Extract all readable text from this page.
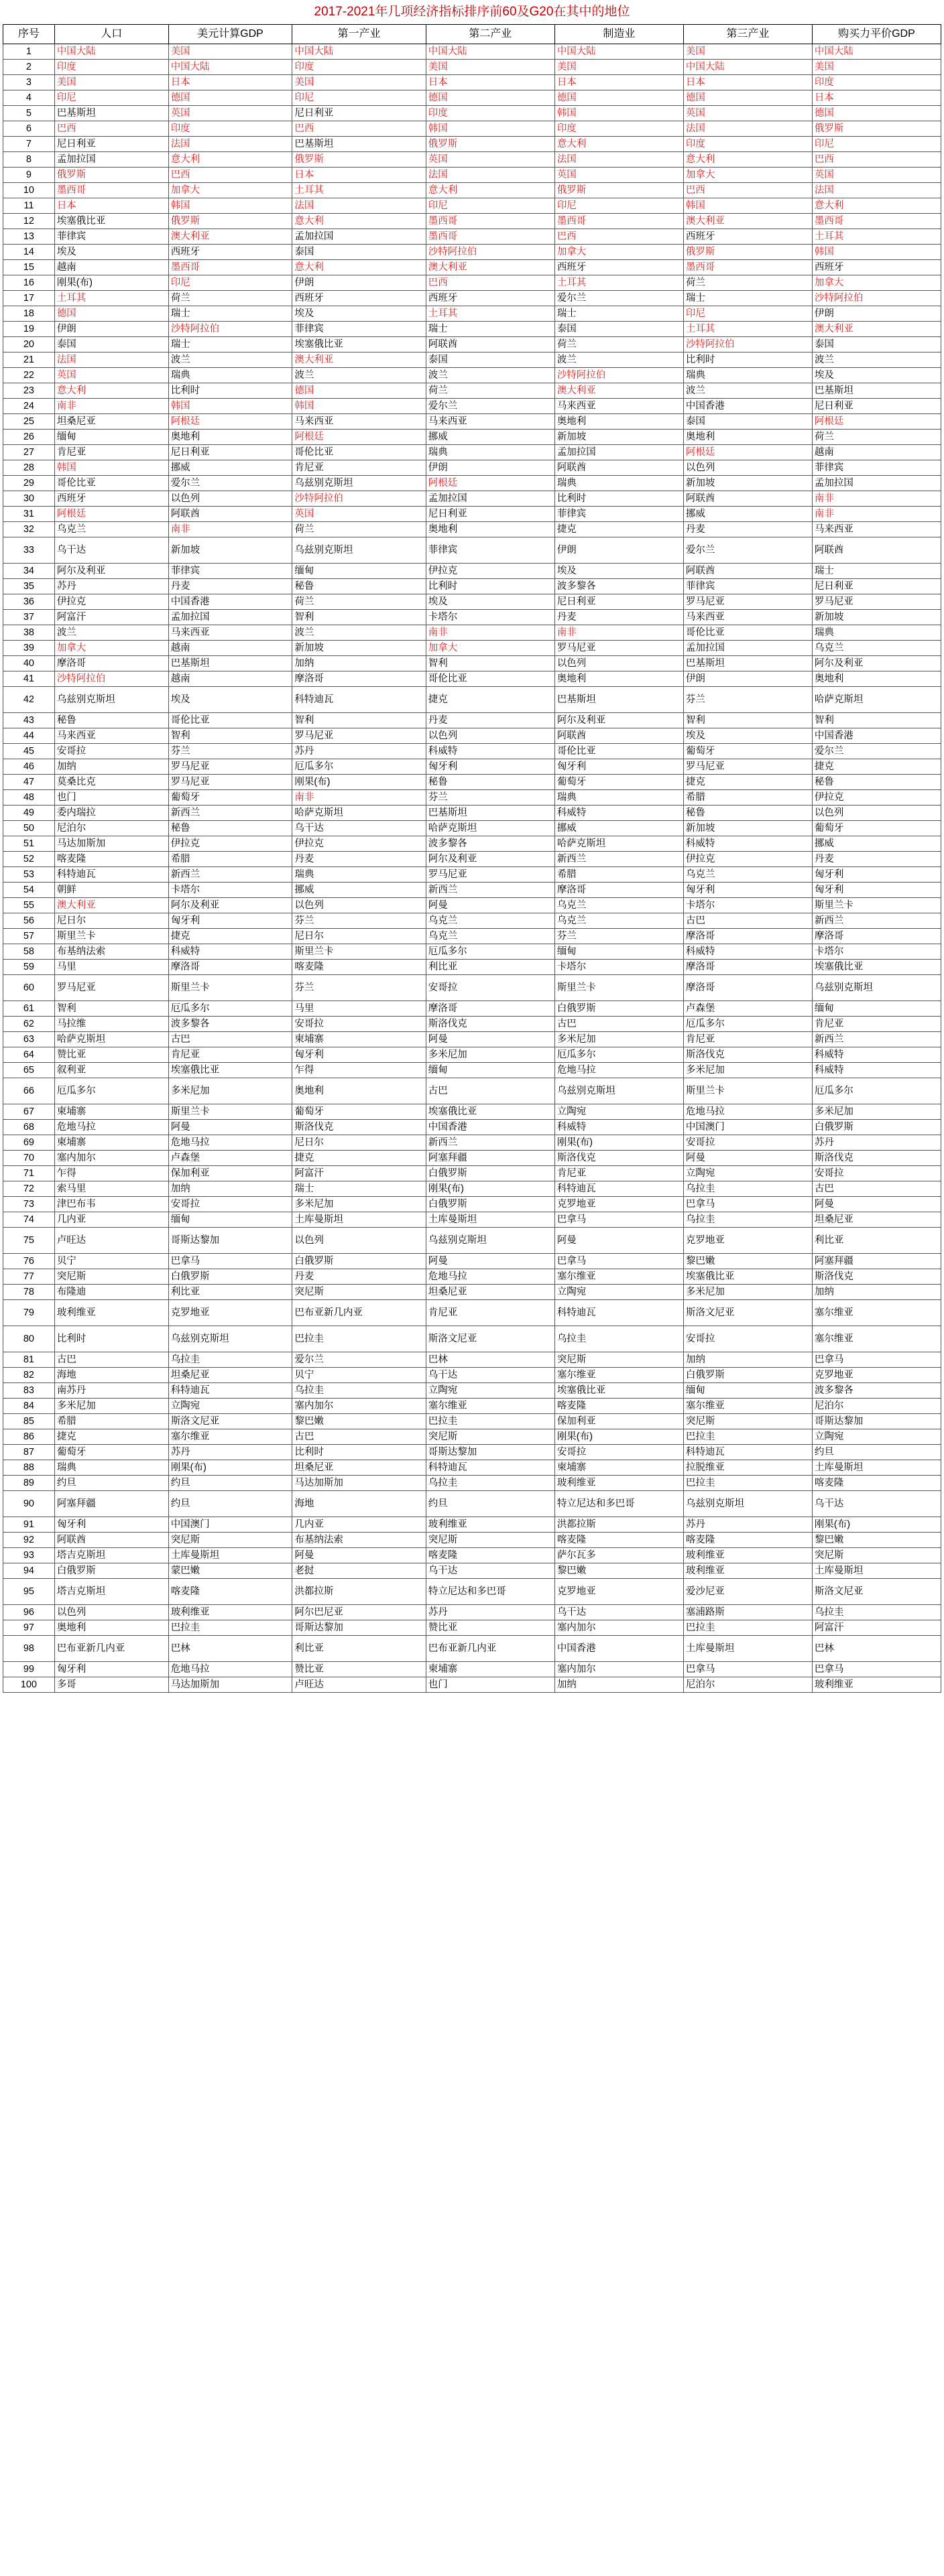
2017-2021年几项经济指标排序前60及G20在其中的地位
序号	人口	美元计算GDP	第一产业	第二产业	制造业	第三产业	购买力平价GDP
1	中国大陆	美国	中国大陆	中国大陆	中国大陆	美国	中国大陆
2	印度	中国大陆	印度	美国	美国	中国大陆	美国
3	美国	日本	美国	日本	日本	日本	印度
4	印尼	德国	印尼	德国	德国	德国	日本
5	巴基斯坦	英国	尼日利亚	印度	韩国	英国	德国
6	巴西	印度	巴西	韩国	印度	法国	俄罗斯
7	尼日利亚	法国	巴基斯坦	俄罗斯	意大利	印度	印尼
8	孟加拉国	意大利	俄罗斯	英国	法国	意大利	巴西
9	俄罗斯	巴西	日本	法国	英国	加拿大	英国
10	墨西哥	加拿大	土耳其	意大利	俄罗斯	巴西	法国
11	日本	韩国	法国	印尼	印尼	韩国	意大利
12	埃塞俄比亚	俄罗斯	意大利	墨西哥	墨西哥	澳大利亚	墨西哥
13	菲律宾	澳大利亚	孟加拉国	墨西哥	巴西	西班牙	土耳其
14	埃及	西班牙	泰国	沙特阿拉伯	加拿大	俄罗斯	韩国
15	越南	墨西哥	意大利	澳大利亚	西班牙	墨西哥	西班牙
16	刚果(布)	印尼	伊朗	巴西	土耳其	荷兰	加拿大
17	土耳其	荷兰	西班牙	西班牙	爱尔兰	瑞士	沙特阿拉伯
18	德国	瑞士	埃及	土耳其	瑞士	印尼	伊朗
19	伊朗	沙特阿拉伯	菲律宾	瑞士	泰国	土耳其	澳大利亚
20	泰国	瑞士	埃塞俄比亚	阿联酋	荷兰	沙特阿拉伯	泰国
21	法国	波兰	澳大利亚	泰国	波兰	比利时	波兰
22	英国	瑞典	波兰	波兰	沙特阿拉伯	瑞典	埃及
23	意大利	比利时	德国	荷兰	澳大利亚	波兰	巴基斯坦
24	南非	韩国	韩国	爱尔兰	马来西亚	中国香港	尼日利亚
25	坦桑尼亚	阿根廷	马来西亚	马来西亚	奥地利	泰国	阿根廷
26	缅甸	奥地利	阿根廷	挪威	新加坡	奥地利	荷兰
27	肯尼亚	尼日利亚	哥伦比亚	瑞典	孟加拉国	阿根廷	越南
28	韩国	挪威	肯尼亚	伊朗	阿联酋	以色列	菲律宾
29	哥伦比亚	爱尔兰	乌兹别克斯坦	阿根廷	瑞典	新加坡	孟加拉国
30	西班牙	以色列	沙特阿拉伯	孟加拉国	比利时	阿联酋	南非
31	阿根廷	阿联酋	英国	尼日利亚	菲律宾	挪威	南非
32	乌克兰	南非	荷兰	奥地利	捷克	丹麦	马来西亚
33	乌干达	新加坡	乌兹别克斯坦	菲律宾	伊朗	爱尔兰	阿联酋
34	阿尔及利亚	菲律宾	缅甸	伊拉克	埃及	阿联酋	瑞士
35	苏丹	丹麦	秘鲁	比利时	波多黎各	菲律宾	尼日利亚
36	伊拉克	中国香港	荷兰	埃及	尼日利亚	罗马尼亚	罗马尼亚
37	阿富汗	孟加拉国	智利	卡塔尔	丹麦	马来西亚	新加坡
38	波兰	马来西亚	波兰	南非	南非	哥伦比亚	瑞典
39	加拿大	越南	新加坡	加拿大	罗马尼亚	孟加拉国	乌克兰
40	摩洛哥	巴基斯坦	加纳	智利	以色列	巴基斯坦	阿尔及利亚
41	沙特阿拉伯	越南	摩洛哥	哥伦比亚	奥地利	伊朗	奥地利
42	乌兹别克斯坦	埃及	科特迪瓦	捷克	巴基斯坦	芬兰	哈萨克斯坦
43	秘鲁	哥伦比亚	智利	丹麦	阿尔及利亚	智利	智利
44	马来西亚	智利	罗马尼亚	以色列	阿联酋	埃及	中国香港
45	安哥拉	芬兰	苏丹	科威特	哥伦比亚	葡萄牙	爱尔兰
46	加纳	罗马尼亚	厄瓜多尔	匈牙利	匈牙利	罗马尼亚	捷克
47	莫桑比克	罗马尼亚	刚果(布)	秘鲁	葡萄牙	捷克	秘鲁
48	也门	葡萄牙	南非	芬兰	瑞典	希腊	伊拉克
49	委内瑞拉	新西兰	哈萨克斯坦	巴基斯坦	科威特	秘鲁	以色列
50	尼泊尔	秘鲁	乌干达	哈萨克斯坦	挪威	新加坡	葡萄牙
51	马达加斯加	伊拉克	伊拉克	波多黎各	哈萨克斯坦	科威特	挪威
52	喀麦隆	希腊	丹麦	阿尔及利亚	新西兰	伊拉克	丹麦
53	科特迪瓦	新西兰	瑞典	罗马尼亚	希腊	乌克兰	匈牙利
54	朝鲜	卡塔尔	挪威	新西兰	摩洛哥	匈牙利	匈牙利
55	澳大利亚	阿尔及利亚	以色列	阿曼	乌克兰	卡塔尔	斯里兰卡
56	尼日尔	匈牙利	芬兰	乌克兰	乌克兰	古巴	新西兰
57	斯里兰卡	捷克	尼日尔	乌克兰	芬兰	摩洛哥	摩洛哥
58	布基纳法索	科威特	斯里兰卡	厄瓜多尔	缅甸	科威特	卡塔尔
59	马里	摩洛哥	喀麦隆	利比亚	卡塔尔	摩洛哥	埃塞俄比亚
60	罗马尼亚	斯里兰卡	芬兰	安哥拉	斯里兰卡	摩洛哥	乌兹别克斯坦
61	智利	厄瓜多尔	马里	摩洛哥	白俄罗斯	卢森堡	缅甸
62	马拉维	波多黎各	安哥拉	斯洛伐克	古巴	厄瓜多尔	肯尼亚
63	哈萨克斯坦	古巴	柬埔寨	阿曼	多米尼加	肯尼亚	新西兰
64	赞比亚	肯尼亚	匈牙利	多米尼加	厄瓜多尔	斯洛伐克	科威特
65	叙利亚	埃塞俄比亚	乍得	缅甸	危地马拉	多米尼加	科威特
66	厄瓜多尔	多米尼加	奥地利	古巴	乌兹别克斯坦	斯里兰卡	厄瓜多尔
67	柬埔寨	斯里兰卡	葡萄牙	埃塞俄比亚	立陶宛	危地马拉	多米尼加
68	危地马拉	阿曼	斯洛伐克	中国香港	科威特	中国澳门	白俄罗斯
69	柬埔寨	危地马拉	尼日尔	新西兰	刚果(布)	安哥拉	苏丹
70	塞内加尔	卢森堡	捷克	阿塞拜疆	斯洛伐克	阿曼	斯洛伐克
71	乍得	保加利亚	阿富汗	白俄罗斯	肯尼亚	立陶宛	安哥拉
72	索马里	加纳	瑞士	刚果(布)	科特迪瓦	乌拉圭	古巴
73	津巴布韦	安哥拉	多米尼加	白俄罗斯	克罗地亚	巴拿马	阿曼
74	几内亚	缅甸	土库曼斯坦	土库曼斯坦	巴拿马	乌拉圭	坦桑尼亚
75	卢旺达	哥斯达黎加	以色列	乌兹别克斯坦	阿曼	克罗地亚	利比亚
76	贝宁	巴拿马	白俄罗斯	阿曼	巴拿马	黎巴嫩	阿塞拜疆
77	突尼斯	白俄罗斯	丹麦	危地马拉	塞尔维亚	埃塞俄比亚	斯洛伐克
78	布隆迪	利比亚	突尼斯	坦桑尼亚	立陶宛	多米尼加	加纳
79	玻利维亚	克罗地亚	巴布亚新几内亚	肯尼亚	科特迪瓦	斯洛文尼亚	塞尔维亚
80	比利时	乌兹别克斯坦	巴拉圭	斯洛文尼亚	乌拉圭	安哥拉	塞尔维亚
81	古巴	乌拉圭	爱尔兰	巴林	突尼斯	加纳	巴拿马
82	海地	坦桑尼亚	贝宁	乌干达	塞尔维亚	白俄罗斯	克罗地亚
83	南苏丹	科特迪瓦	乌拉圭	立陶宛	埃塞俄比亚	缅甸	波多黎各
84	多米尼加	立陶宛	塞内加尔	塞尔维亚	喀麦隆	塞尔维亚	尼泊尔
85	希腊	斯洛文尼亚	黎巴嫩	巴拉圭	保加利亚	突尼斯	哥斯达黎加
86	捷克	塞尔维亚	古巴	突尼斯	刚果(布)	巴拉圭	立陶宛
87	葡萄牙	苏丹	比利时	哥斯达黎加	安哥拉	科特迪瓦	约旦
88	瑞典	刚果(布)	坦桑尼亚	科特迪瓦	柬埔寨	拉脱维亚	土库曼斯坦
89	约旦	约旦	马达加斯加	乌拉圭	玻利维亚	巴拉圭	喀麦隆
90	阿塞拜疆	约旦	海地	约旦	特立尼达和多巴哥	乌兹别克斯坦	乌干达
91	匈牙利	中国澳门	几内亚	玻利维亚	洪都拉斯	苏丹	刚果(布)
92	阿联酋	突尼斯	布基纳法索	突尼斯	喀麦隆	喀麦隆	黎巴嫩
93	塔吉克斯坦	土库曼斯坦	阿曼	喀麦隆	萨尔瓦多	玻利维亚	突尼斯
94	白俄罗斯	蒙巴嫩	老挝	乌干达	黎巴嫩	玻利维亚	土库曼斯坦
95	塔吉克斯坦	喀麦隆	洪都拉斯	特立尼达和多巴哥	克罗地亚	爱沙尼亚	斯洛文尼亚
96	以色列	玻利维亚	阿尔巴尼亚	苏丹	乌干达	塞浦路斯	乌拉圭
97	奥地利	巴拉圭	哥斯达黎加	赞比亚	塞内加尔	巴拉圭	阿富汗
98	巴布亚新几内亚	巴林	利比亚	巴布亚新几内亚	中国香港	土库曼斯坦	巴林
99	匈牙利	危地马拉	赞比亚	柬埔寨	塞内加尔	巴拿马	巴拿马
100	多哥	马达加斯加	卢旺达	也门	加纳	尼泊尔	玻利维亚
